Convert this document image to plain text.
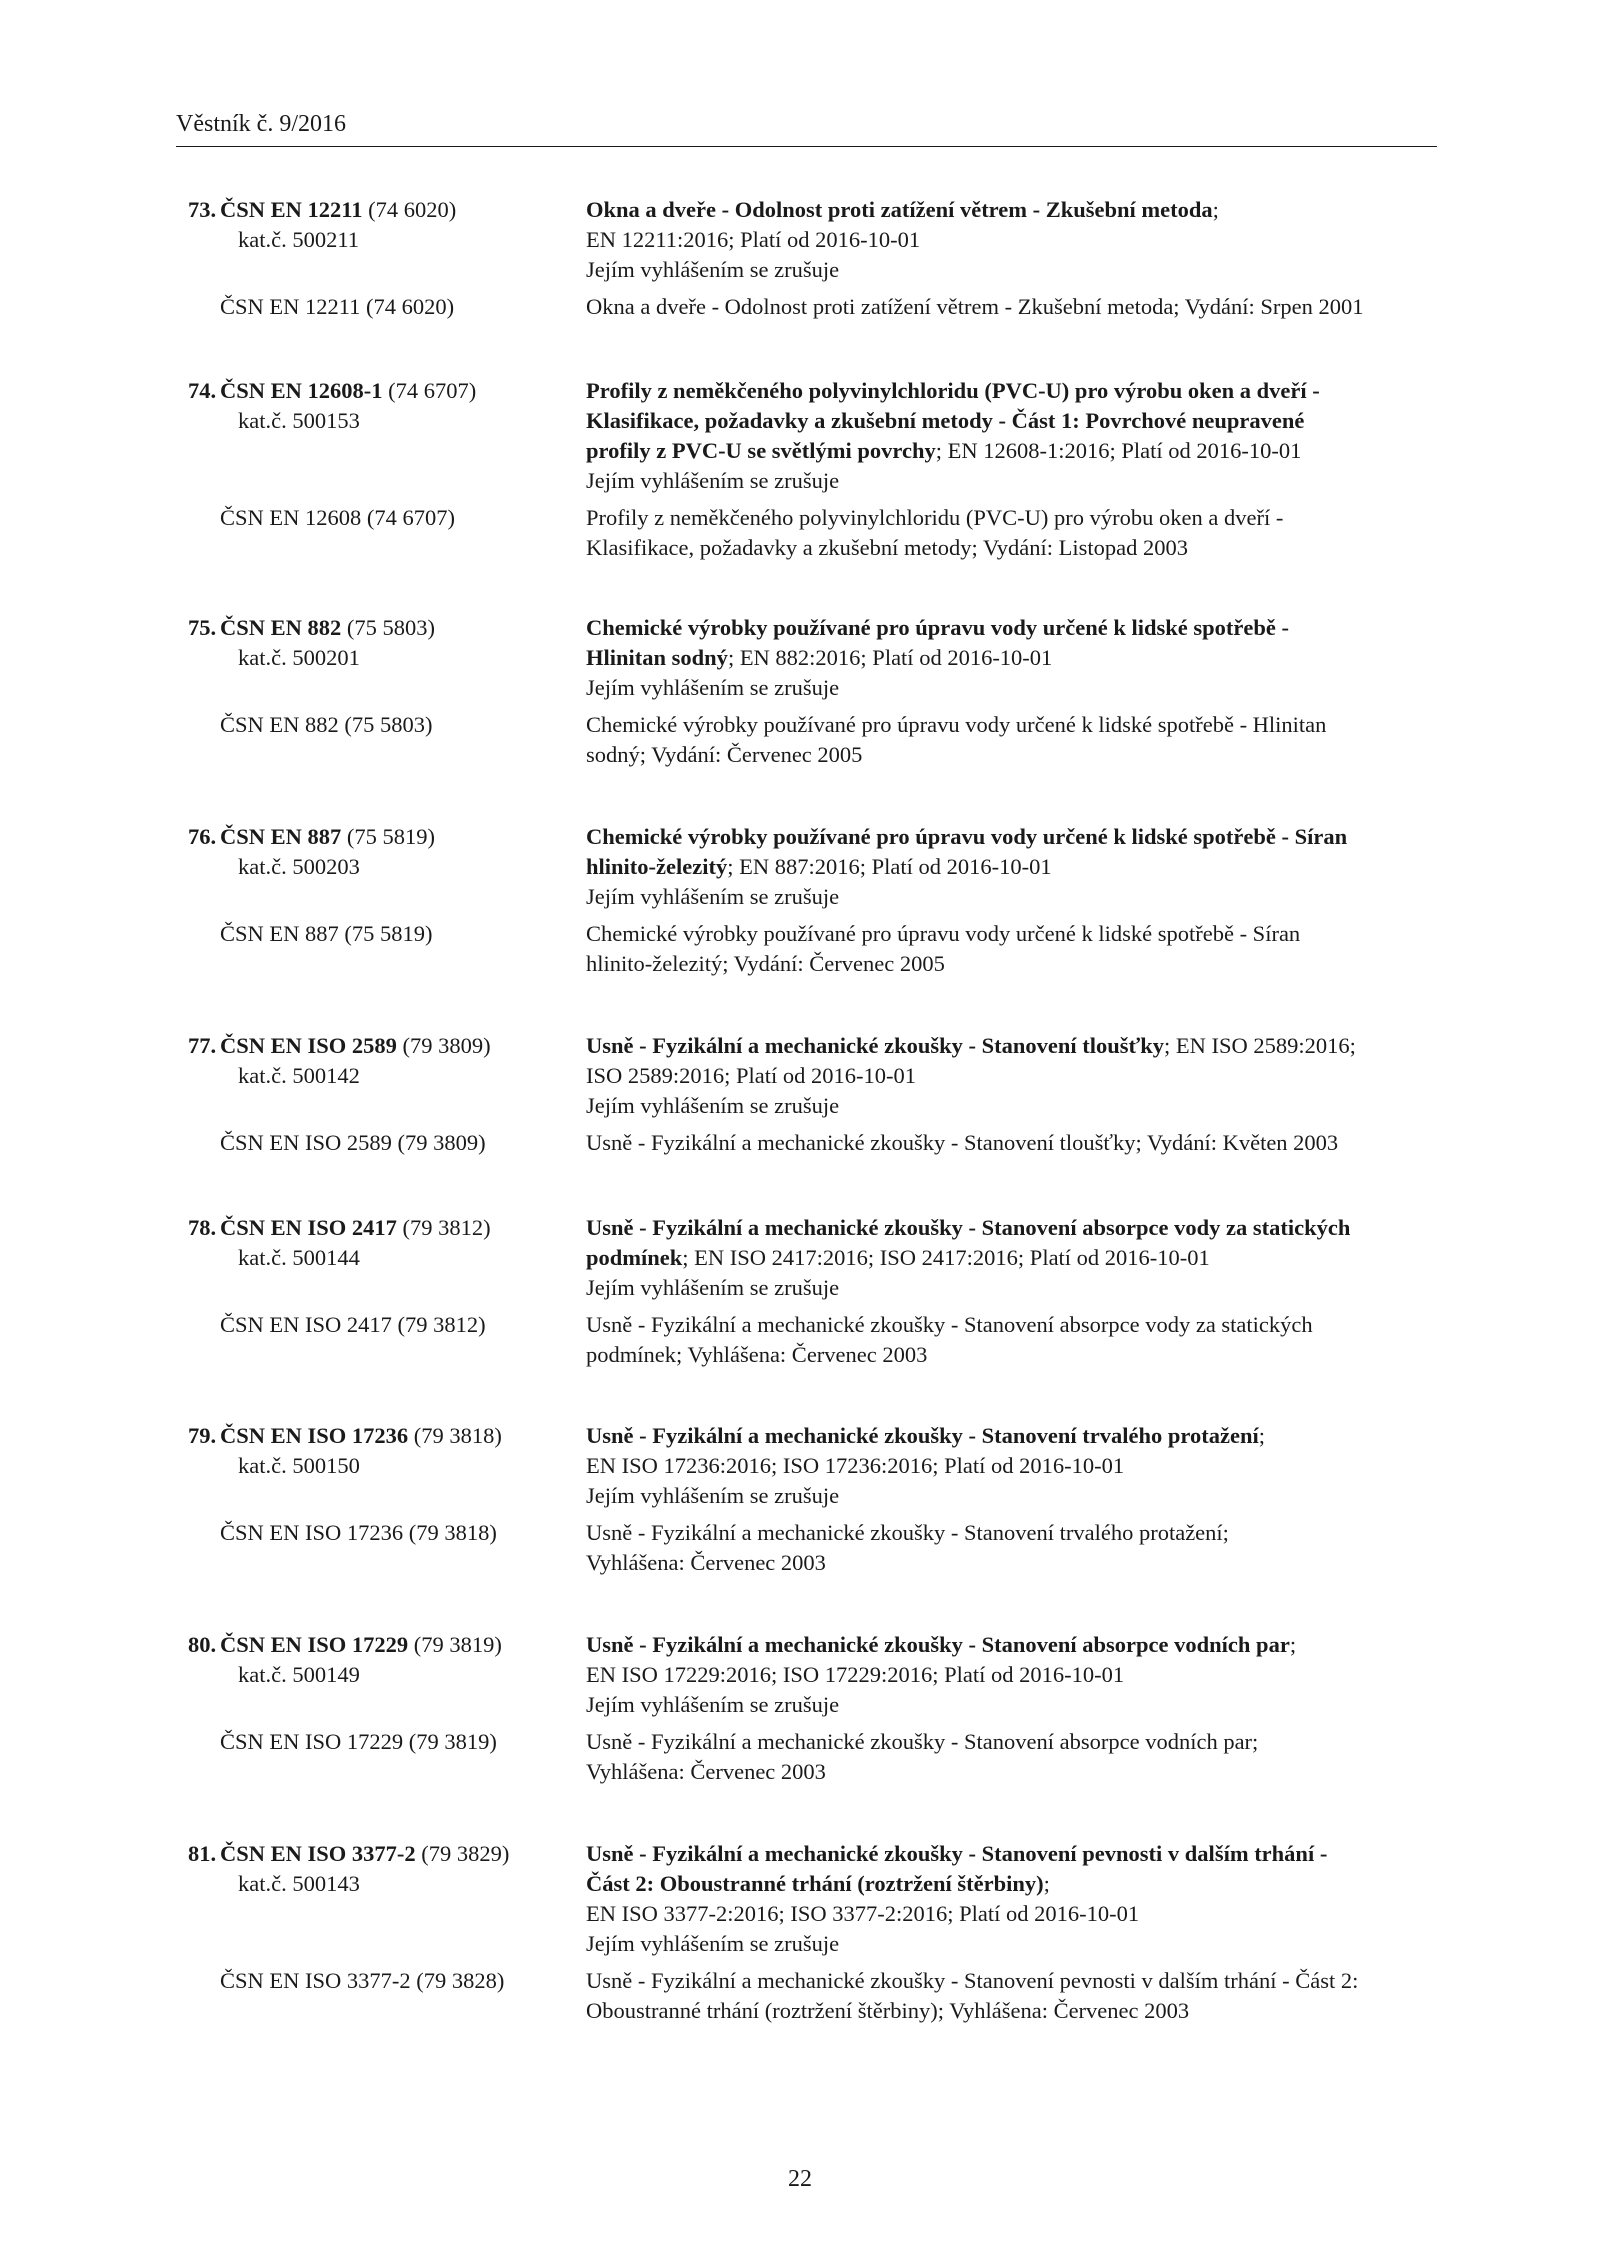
Věstník č. 9/2016
73. ČSN EN 12211 (74 6020)	Okna a dveře - Odolnost proti zatížení větrem - Zkušební metoda;
kat.č. 500211	EN 12211:2016; Platí od 2016-10-01
Jejím vyhlášením se zrušuje
ČSN EN 12211 (74 6020)	Okna a dveře - Odolnost proti zatížení větrem - Zkušební metoda; Vydání: Srpen 2001
74. ČSN EN 12608-1 (74 6707)	Profily z neměkčeného polyvinylchloridu (PVC-U) pro výrobu oken a dveří -
kat.č. 500153	Klasifikace, požadavky a zkušební metody - Část 1: Povrchové neupravené
profily z PVC-U se světlými povrchy; EN 12608-1:2016; Platí od 2016-10-01
Jejím vyhlášením se zrušuje
ČSN EN 12608 (74 6707)	Profily z neměkčeného polyvinylchloridu (PVC-U) pro výrobu oken a dveří -
Klasifikace, požadavky a zkušební metody; Vydání: Listopad 2003
75. ČSN EN 882 (75 5803)	Chemické výrobky používané pro úpravu vody určené k lidské spotřebě -
kat.č. 500201	Hlinitan sodný; EN 882:2016; Platí od 2016-10-01
Jejím vyhlášením se zrušuje
ČSN EN 882 (75 5803)	Chemické výrobky používané pro úpravu vody určené k lidské spotřebě - Hlinitan
sodný; Vydání: Červenec 2005
76. ČSN EN 887 (75 5819)	Chemické výrobky používané pro úpravu vody určené k lidské spotřebě - Síran
kat.č. 500203	hlinito-železitý; EN 887:2016; Platí od 2016-10-01
Jejím vyhlášením se zrušuje
ČSN EN 887 (75 5819)	Chemické výrobky používané pro úpravu vody určené k lidské spotřebě - Síran
hlinito-železitý; Vydání: Červenec 2005
77. ČSN EN ISO 2589 (79 3809)	Usně - Fyzikální a mechanické zkoušky - Stanovení tloušťky; EN ISO 2589:2016;
kat.č. 500142	ISO 2589:2016; Platí od 2016-10-01
Jejím vyhlášením se zrušuje
ČSN EN ISO 2589 (79 3809)	Usně - Fyzikální a mechanické zkoušky - Stanovení tloušťky; Vydání: Květen 2003
78. ČSN EN ISO 2417 (79 3812)	Usně - Fyzikální a mechanické zkoušky - Stanovení absorpce vody za statických
kat.č. 500144	podmínek; EN ISO 2417:2016; ISO 2417:2016; Platí od 2016-10-01
Jejím vyhlášením se zrušuje
ČSN EN ISO 2417 (79 3812)	Usně - Fyzikální a mechanické zkoušky - Stanovení absorpce vody za statických
podmínek; Vyhlášena: Červenec 2003
79. ČSN EN ISO 17236 (79 3818)	Usně - Fyzikální a mechanické zkoušky - Stanovení trvalého protažení;
kat.č. 500150	EN ISO 17236:2016; ISO 17236:2016; Platí od 2016-10-01
Jejím vyhlášením se zrušuje
ČSN EN ISO 17236 (79 3818)	Usně - Fyzikální a mechanické zkoušky - Stanovení trvalého protažení;
Vyhlášena: Červenec 2003
80. ČSN EN ISO 17229 (79 3819)	Usně - Fyzikální a mechanické zkoušky - Stanovení absorpce vodních par;
kat.č. 500149	EN ISO 17229:2016; ISO 17229:2016; Platí od 2016-10-01
Jejím vyhlášením se zrušuje
ČSN EN ISO 17229 (79 3819)	Usně - Fyzikální a mechanické zkoušky - Stanovení absorpce vodních par;
Vyhlášena: Červenec 2003
81. ČSN EN ISO 3377-2 (79 3829)	Usně - Fyzikální a mechanické zkoušky - Stanovení pevnosti v dalším trhání -
kat.č. 500143	Část 2: Oboustranné trhání (roztržení štěrbiny);
EN ISO 3377-2:2016; ISO 3377-2:2016; Platí od 2016-10-01
Jejím vyhlášením se zrušuje
ČSN EN ISO 3377-2 (79 3828)	Usně - Fyzikální a mechanické zkoušky - Stanovení pevnosti v dalším trhání - Část 2:
Oboustranné trhání (roztržení štěrbiny); Vyhlášena: Červenec 2003
22
